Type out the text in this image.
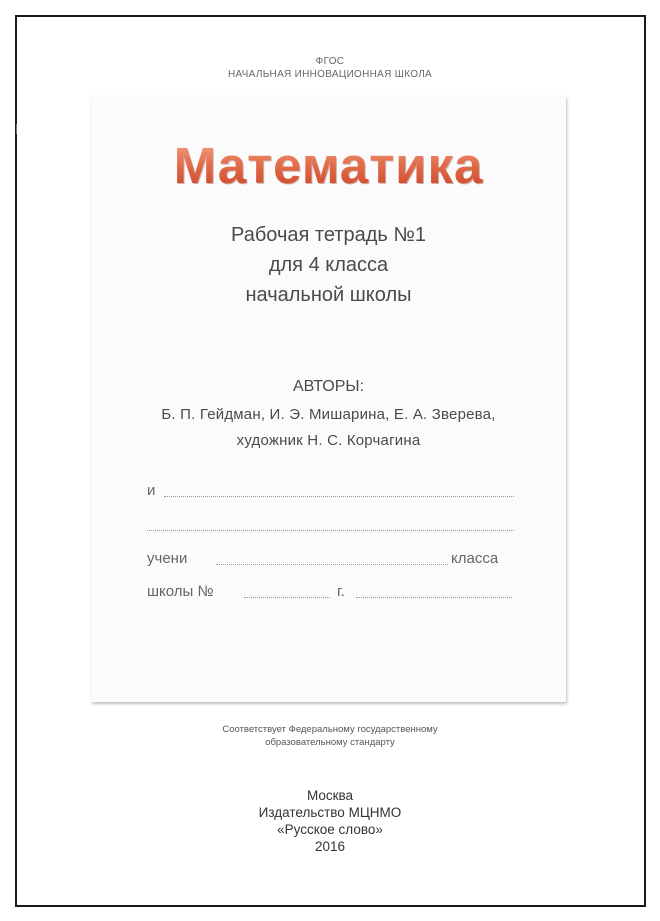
ФГОС
НАЧАЛЬНАЯ ИННОВАЦИОННАЯ ШКОЛА
Математика
Рабочая тетрадь №1
для 4 класса
начальной школы
АВТОРЫ:
Б. П. Гейдман, И. Э. Мишарина, Е. А. Зверева,
художник Н. С. Корчагина
и
учени	класса
школы №	г.
Соответствует Федеральному государственному
образовательному стандарту
Москва
Издательство МЦНМО
«Русское слово»
2016
